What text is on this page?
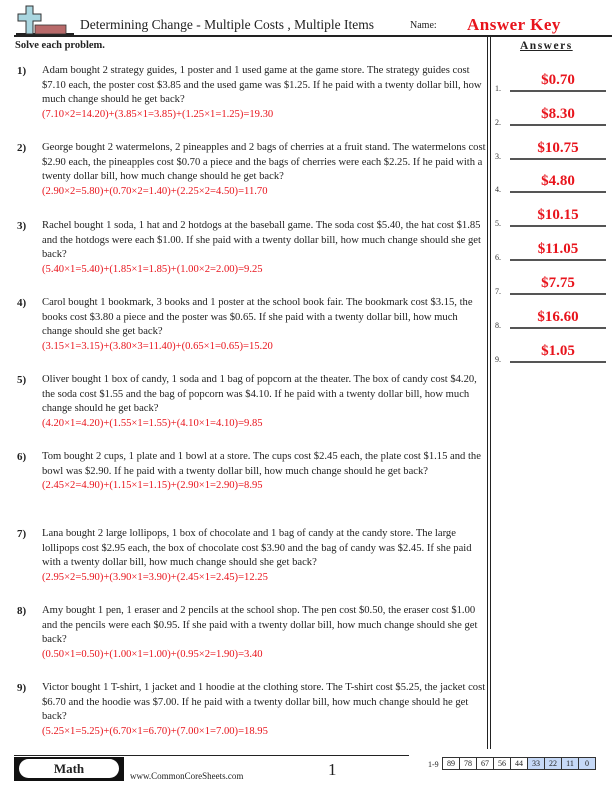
Determining Change - Multiple Costs , Multiple Items	Name: Answer Key
Solve each problem.	Answers
1) Adam bought 2 strategy guides, 1 poster and 1 used game at the game store. The strategy guides cost $7.10 each, the poster cost $3.85 and the used game was $1.25. If he paid with a twenty dollar bill, how much change should he get back?
(7.10×2=14.20)+(3.85×1=3.85)+(1.25×1=1.25)=19.30
2) George bought 2 watermelons, 2 pineapples and 2 bags of cherries at a fruit stand. The watermelons cost $2.90 each, the pineapples cost $0.70 a piece and the bags of cherries were each $2.25. If he paid with a twenty dollar bill, how much change should he get back?
(2.90×2=5.80)+(0.70×2=1.40)+(2.25×2=4.50)=11.70
3) Rachel bought 1 soda, 1 hat and 2 hotdogs at the baseball game. The soda cost $5.40, the hat cost $1.85 and the hotdogs were each $1.00. If she paid with a twenty dollar bill, how much change should she get back?
(5.40×1=5.40)+(1.85×1=1.85)+(1.00×2=2.00)=9.25
4) Carol bought 1 bookmark, 3 books and 1 poster at the school book fair. The bookmark cost $3.15, the books cost $3.80 a piece and the poster was $0.65. If she paid with a twenty dollar bill, how much change should she get back?
(3.15×1=3.15)+(3.80×3=11.40)+(0.65×1=0.65)=15.20
5) Oliver bought 1 box of candy, 1 soda and 1 bag of popcorn at the theater. The box of candy cost $4.20, the soda cost $1.55 and the bag of popcorn was $4.10. If he paid with a twenty dollar bill, how much change should he get back?
(4.20×1=4.20)+(1.55×1=1.55)+(4.10×1=4.10)=9.85
6) Tom bought 2 cups, 1 plate and 1 bowl at a store. The cups cost $2.45 each, the plate cost $1.15 and the bowl was $2.90. If he paid with a twenty dollar bill, how much change should he get back?
(2.45×2=4.90)+(1.15×1=1.15)+(2.90×1=2.90)=8.95
7) Lana bought 2 large lollipops, 1 box of chocolate and 1 bag of candy at the candy store. The large lollipops cost $2.95 each, the box of chocolate cost $3.90 and the bag of candy was $2.45. If she paid with a twenty dollar bill, how much change should she get back?
(2.95×2=5.90)+(3.90×1=3.90)+(2.45×1=2.45)=12.25
8) Amy bought 1 pen, 1 eraser and 2 pencils at the school shop. The pen cost $0.50, the eraser cost $1.00 and the pencils were each $0.95. If she paid with a twenty dollar bill, how much change should she get back?
(0.50×1=0.50)+(1.00×1=1.00)+(0.95×2=1.90)=3.40
9) Victor bought 1 T-shirt, 1 jacket and 1 hoodie at the clothing store. The T-shirt cost $5.25, the jacket cost $6.70 and the hoodie was $7.00. If he paid with a twenty dollar bill, how much change should he get back?
(5.25×1=5.25)+(6.70×1=6.70)+(7.00×1=7.00)=18.95
1.
$0.70
2.
$8.30
3.
$10.75
4.
$4.80
5.
$10.15
6.
$11.05
7.
$7.75
8.
$16.60
9.
$1.05
Math	www.CommonCoreSheets.com	1	1-9 89	78	67	56	44	33	22	11	0
